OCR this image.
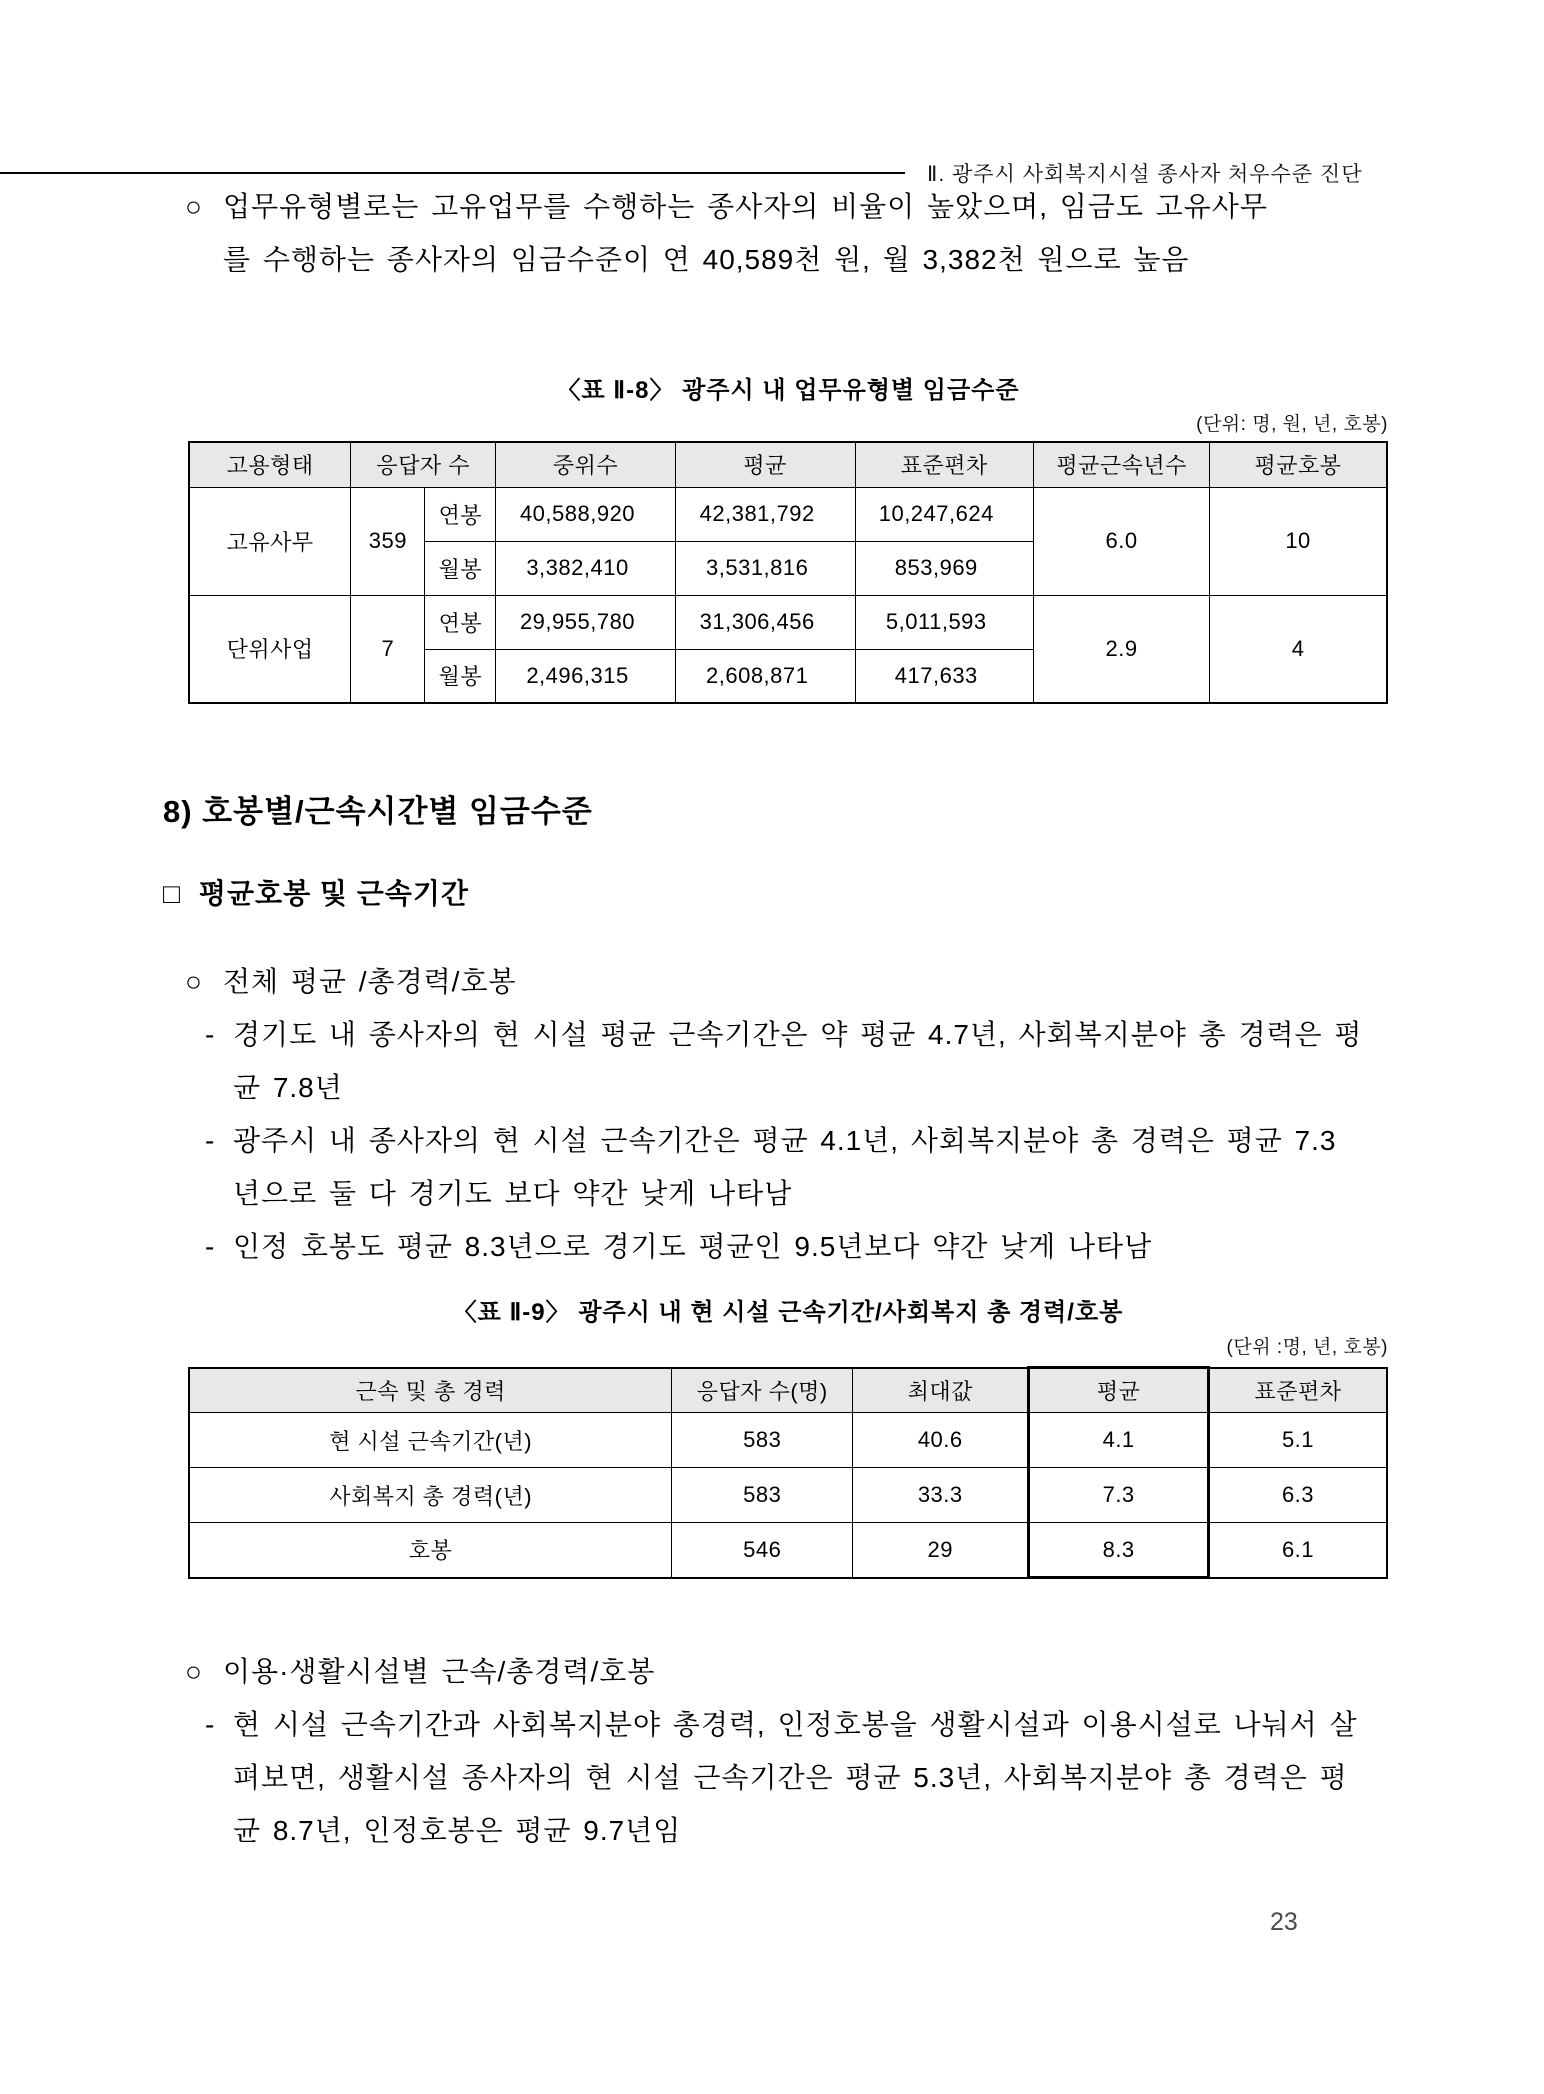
Ⅱ. 광주시 사회복지시설 종사자 처우수준 진단
○ 업무유형별로는 고유업무를 수행하는 종사자의 비율이 높았으며, 임금도 고유사무를 수행하는 종사자의 임금수준이 연 40,589천 원, 월 3,382천 원으로 높음
〈표 Ⅱ-8〉 광주시 내 업무유형별 임금수준
(단위: 명, 원, 년, 호봉)
고용형태	응답자 수		중위수	평균	표준편차	평균근속년수	평균호봉
고유사무	359	연봉	40,588,920	42,381,792	10,247,624	6.0	10
		월봉	3,382,410	3,531,816	853,969		
단위사업	7	연봉	29,955,780	31,306,456	5,011,593	2.9	4
		월봉	2,496,315	2,608,871	417,633		
8) 호봉별/근속시간별 임금수준
□ 평균호봉 및 근속기간
○ 전체 평균 /총경력/호봉
- 경기도 내 종사자의 현 시설 평균 근속기간은 약 평균 4.7년, 사회복지분야 총 경력은 평균 7.8년
- 광주시 내 종사자의 현 시설 근속기간은 평균 4.1년, 사회복지분야 총 경력은 평균 7.3년으로 둘 다 경기도 보다 약간 낮게 나타남
- 인정 호봉도 평균 8.3년으로 경기도 평균인 9.5년보다 약간 낮게 나타남
〈표 Ⅱ-9〉 광주시 내 현 시설 근속기간/사회복지 총 경력/호봉
(단위 :명, 년, 호봉)
근속 및 총 경력	응답자 수(명)	최대값	평균	표준편차
현 시설 근속기간(년)	583	40.6	4.1	5.1
사회복지 총 경력(년)	583	33.3	7.3	6.3
호봉	546	29	8.3	6.1
○ 이용·생활시설별 근속/총경력/호봉
- 현 시설 근속기간과 사회복지분야 총경력, 인정호봉을 생활시설과 이용시설로 나눠서 살펴보면, 생활시설 종사자의 현 시설 근속기간은 평균 5.3년, 사회복지분야 총 경력은 평균 8.7년, 인정호봉은 평균 9.7년임
23
